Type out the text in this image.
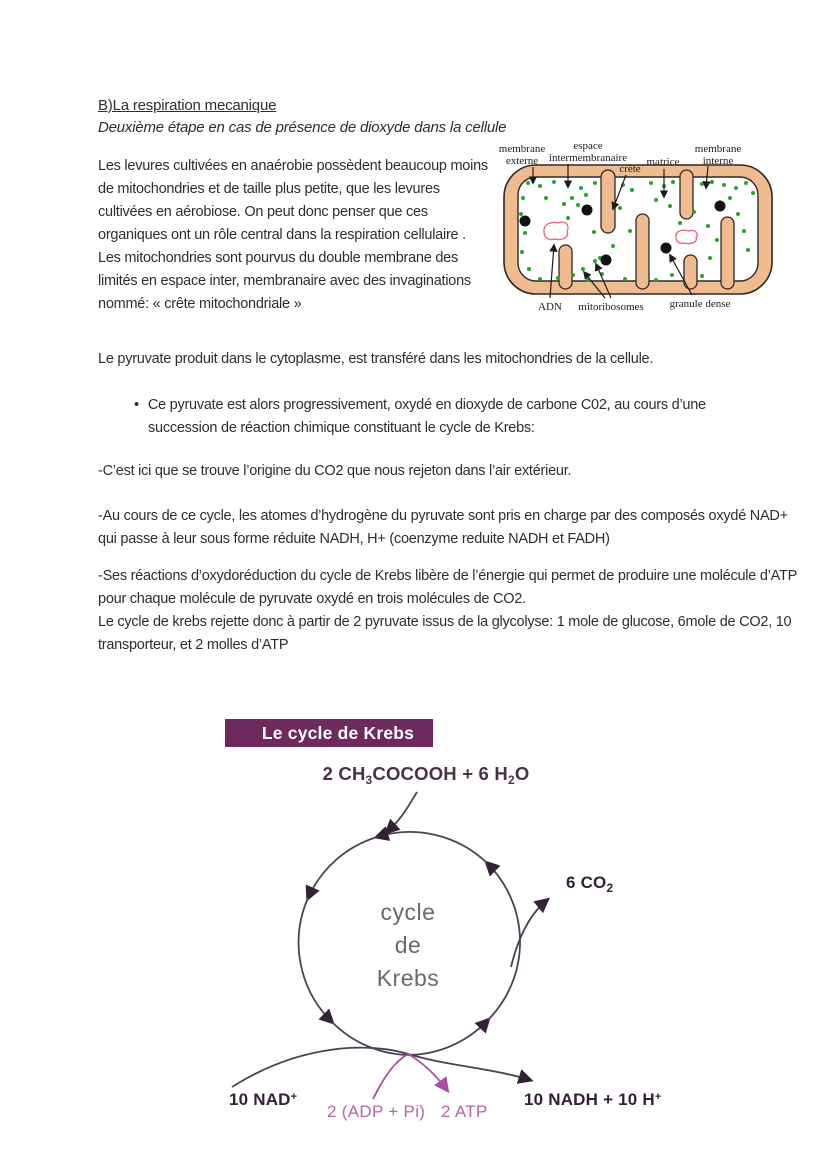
B)La respiration mecanique
Deuxième étape en cas de présence de dioxyde dans la cellule

Les levures cultivées en anaérobie possèdent beaucoup moins de mitochondries et de taille plus petite, que les levures cultivées en aérobiose. On peut donc penser que ces organiques ont un rôle central dans la respiration cellulaire .

Les mitochondries sont pourvus du double membrane des limités en espace inter, membranaire avec des invaginations nommé: « crête mitochondriale »

membrane
externe
espace
intermembranaire
crête
matrice
membrane
interne
ADN mitoribosomes granule dense
Le pyruvate produit dans le cytoplasme, est transféré dans les mitochondries de la cellule.
• Ce pyruvate est alors progressivement, oxydé en dioxyde de carbone C02, au cours d’une succession de réaction chimique constituant le cycle de Krebs:
-C’est ici que se trouve l’origine du CO2 que nous rejeton dans l’air extérieur.
-Au cours de ce cycle, les atomes d’hydrogène du pyruvate sont pris en charge par des composés oxydé NAD+ qui passe à leur sous forme réduite NADH, H+ (coenzyme reduite NADH et FADH)

-Ses réactions d’oxydoréduction du cycle de Krebs libère de l’énergie qui permet de produire une molécule d’ATP pour chaque molécule de pyruvate oxydé en trois molécules de CO2.

Le cycle de krebs rejette donc à partir de 2 pyruvate issus de la glycolyse: 1 mole de glucose, 6mole de CO2, 10 transporteur, et 2 molles d’ATP

Le cycle de Krebs
2 $CH_3COCOOH + 6$ $H_2O$
cycle
de
Krebs
6 $CO_2$
10 NAD+
2 (ADP + Pi) 2 ATP
10 NADH + 10 H+
